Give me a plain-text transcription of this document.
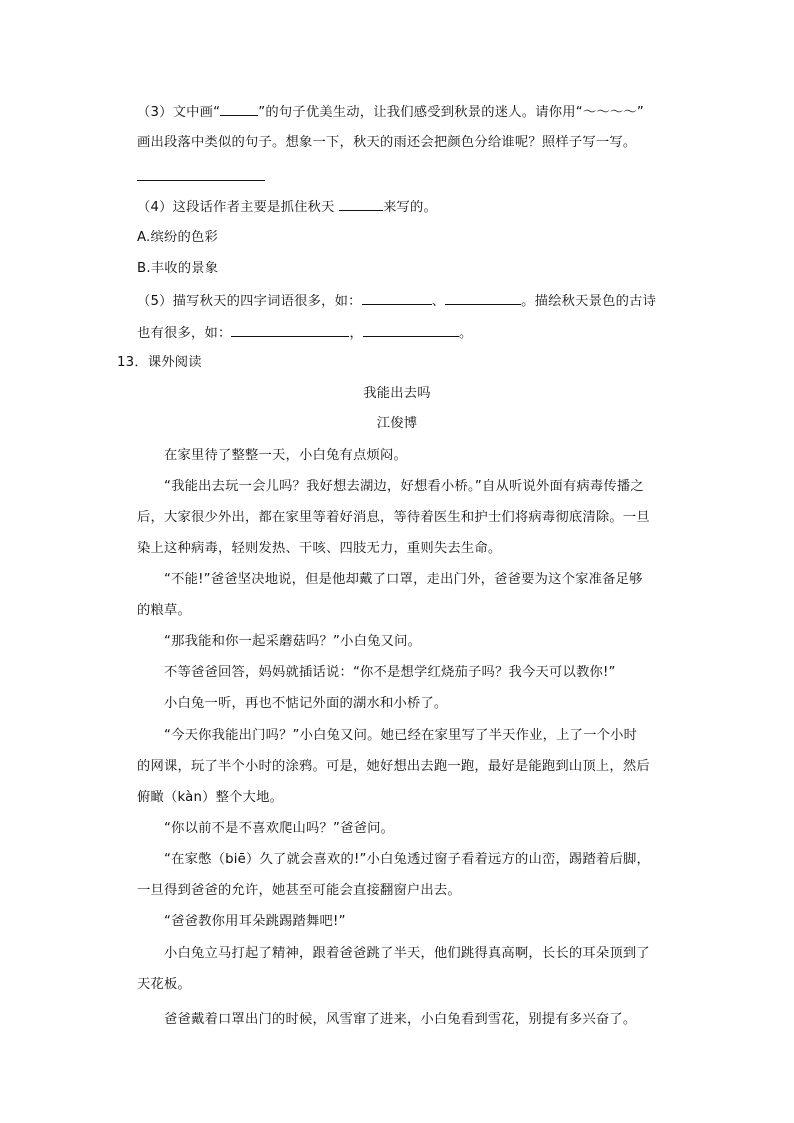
（3）文中画“	”的句子优美生动，让我们感受到秋景的迷人。请你用“～～～～”
画出段落中类似的句子。想象一下，秋天的雨还会把颜色分给谁呢？照样子写一写。
（4）这段话作者主要是抓住秋天	来写的。
A.缤纷的色彩
B.丰收的景象
（5）描写秋天的四字词语很多，如：	、	。描绘秋天景色的古诗
也有很多，如：	，	。
13．课外阅读
我能出去吗
江俊博
在家里待了整整一天，小白兔有点烦闷。
“我能出去玩一会儿吗？我好想去湖边，好想看小桥。”自从听说外面有病毒传播之
后，大家很少外出，都在家里等着好消息，等待着医生和护士们将病毒彻底清除。一旦
染上这种病毒，轻则发热、干咳、四肢无力，重则失去生命。
“不能!”爸爸坚决地说，但是他却戴了口罩，走出门外，爸爸要为这个家准备足够
的粮草。
“那我能和你一起采蘑菇吗？”小白兔又问。
不等爸爸回答，妈妈就插话说：“你不是想学红烧茄子吗？我今天可以教你!”
小白兔一听，再也不惦记外面的湖水和小桥了。
“今天你我能出门吗？”小白兔又问。她已经在家里写了半天作业，上了一个小时
的网课，玩了半个小时的涂鸦。可是，她好想出去跑一跑，最好是能跑到山顶上，然后
俯瞰（kàn）整个大地。
“你以前不是不喜欢爬山吗？”爸爸问。
“在家憋（biē）久了就会喜欢的!”小白兔透过窗子看着远方的山峦，踢踏着后脚，
一旦得到爸爸的允许，她甚至可能会直接翻窗户出去。
“爸爸教你用耳朵跳踢踏舞吧!”
小白兔立马打起了精神，跟着爸爸跳了半天，他们跳得真高啊，长长的耳朵顶到了
天花板。
爸爸戴着口罩出门的时候，风雪窜了进来，小白兔看到雪花，别提有多兴奋了。
